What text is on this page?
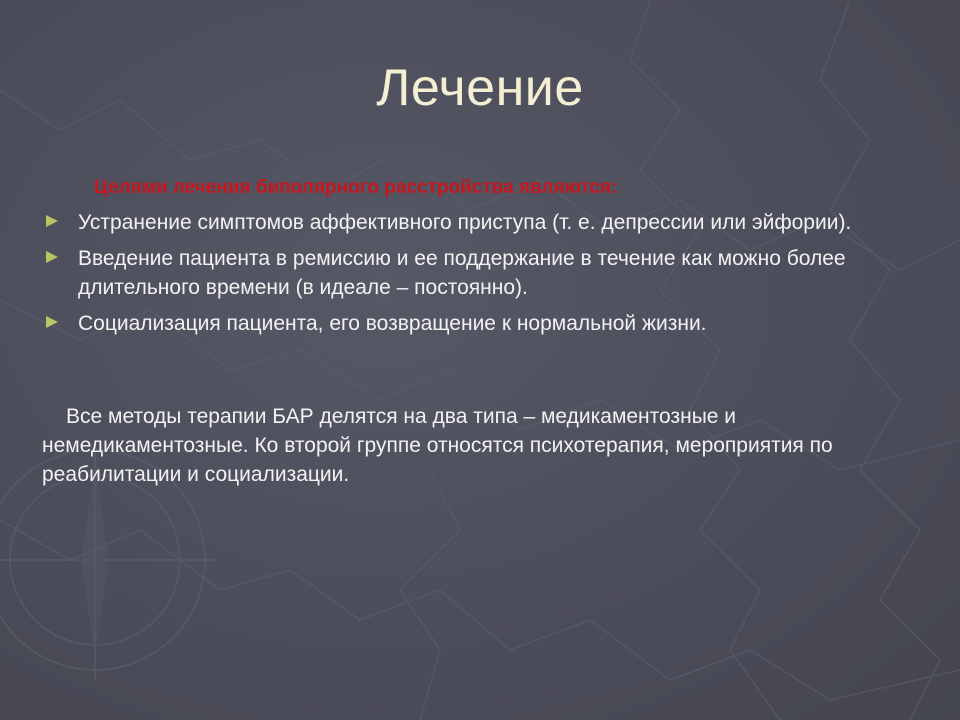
Лечение
Целями лечения биполярного расстройства являются:
Устранение симптомов аффективного приступа (т. е. депрессии или эйфории).
Введение пациента в ремиссию и ее поддержание в течение как можно более длительного времени (в идеале – постоянно).
Социализация пациента, его возвращение к нормальной жизни.

Все методы терапии БАР делятся на два типа – медикаментозные и немедикаментозные. Ко второй группе относятся психотерапия, мероприятия по реабилитации и социализации.
